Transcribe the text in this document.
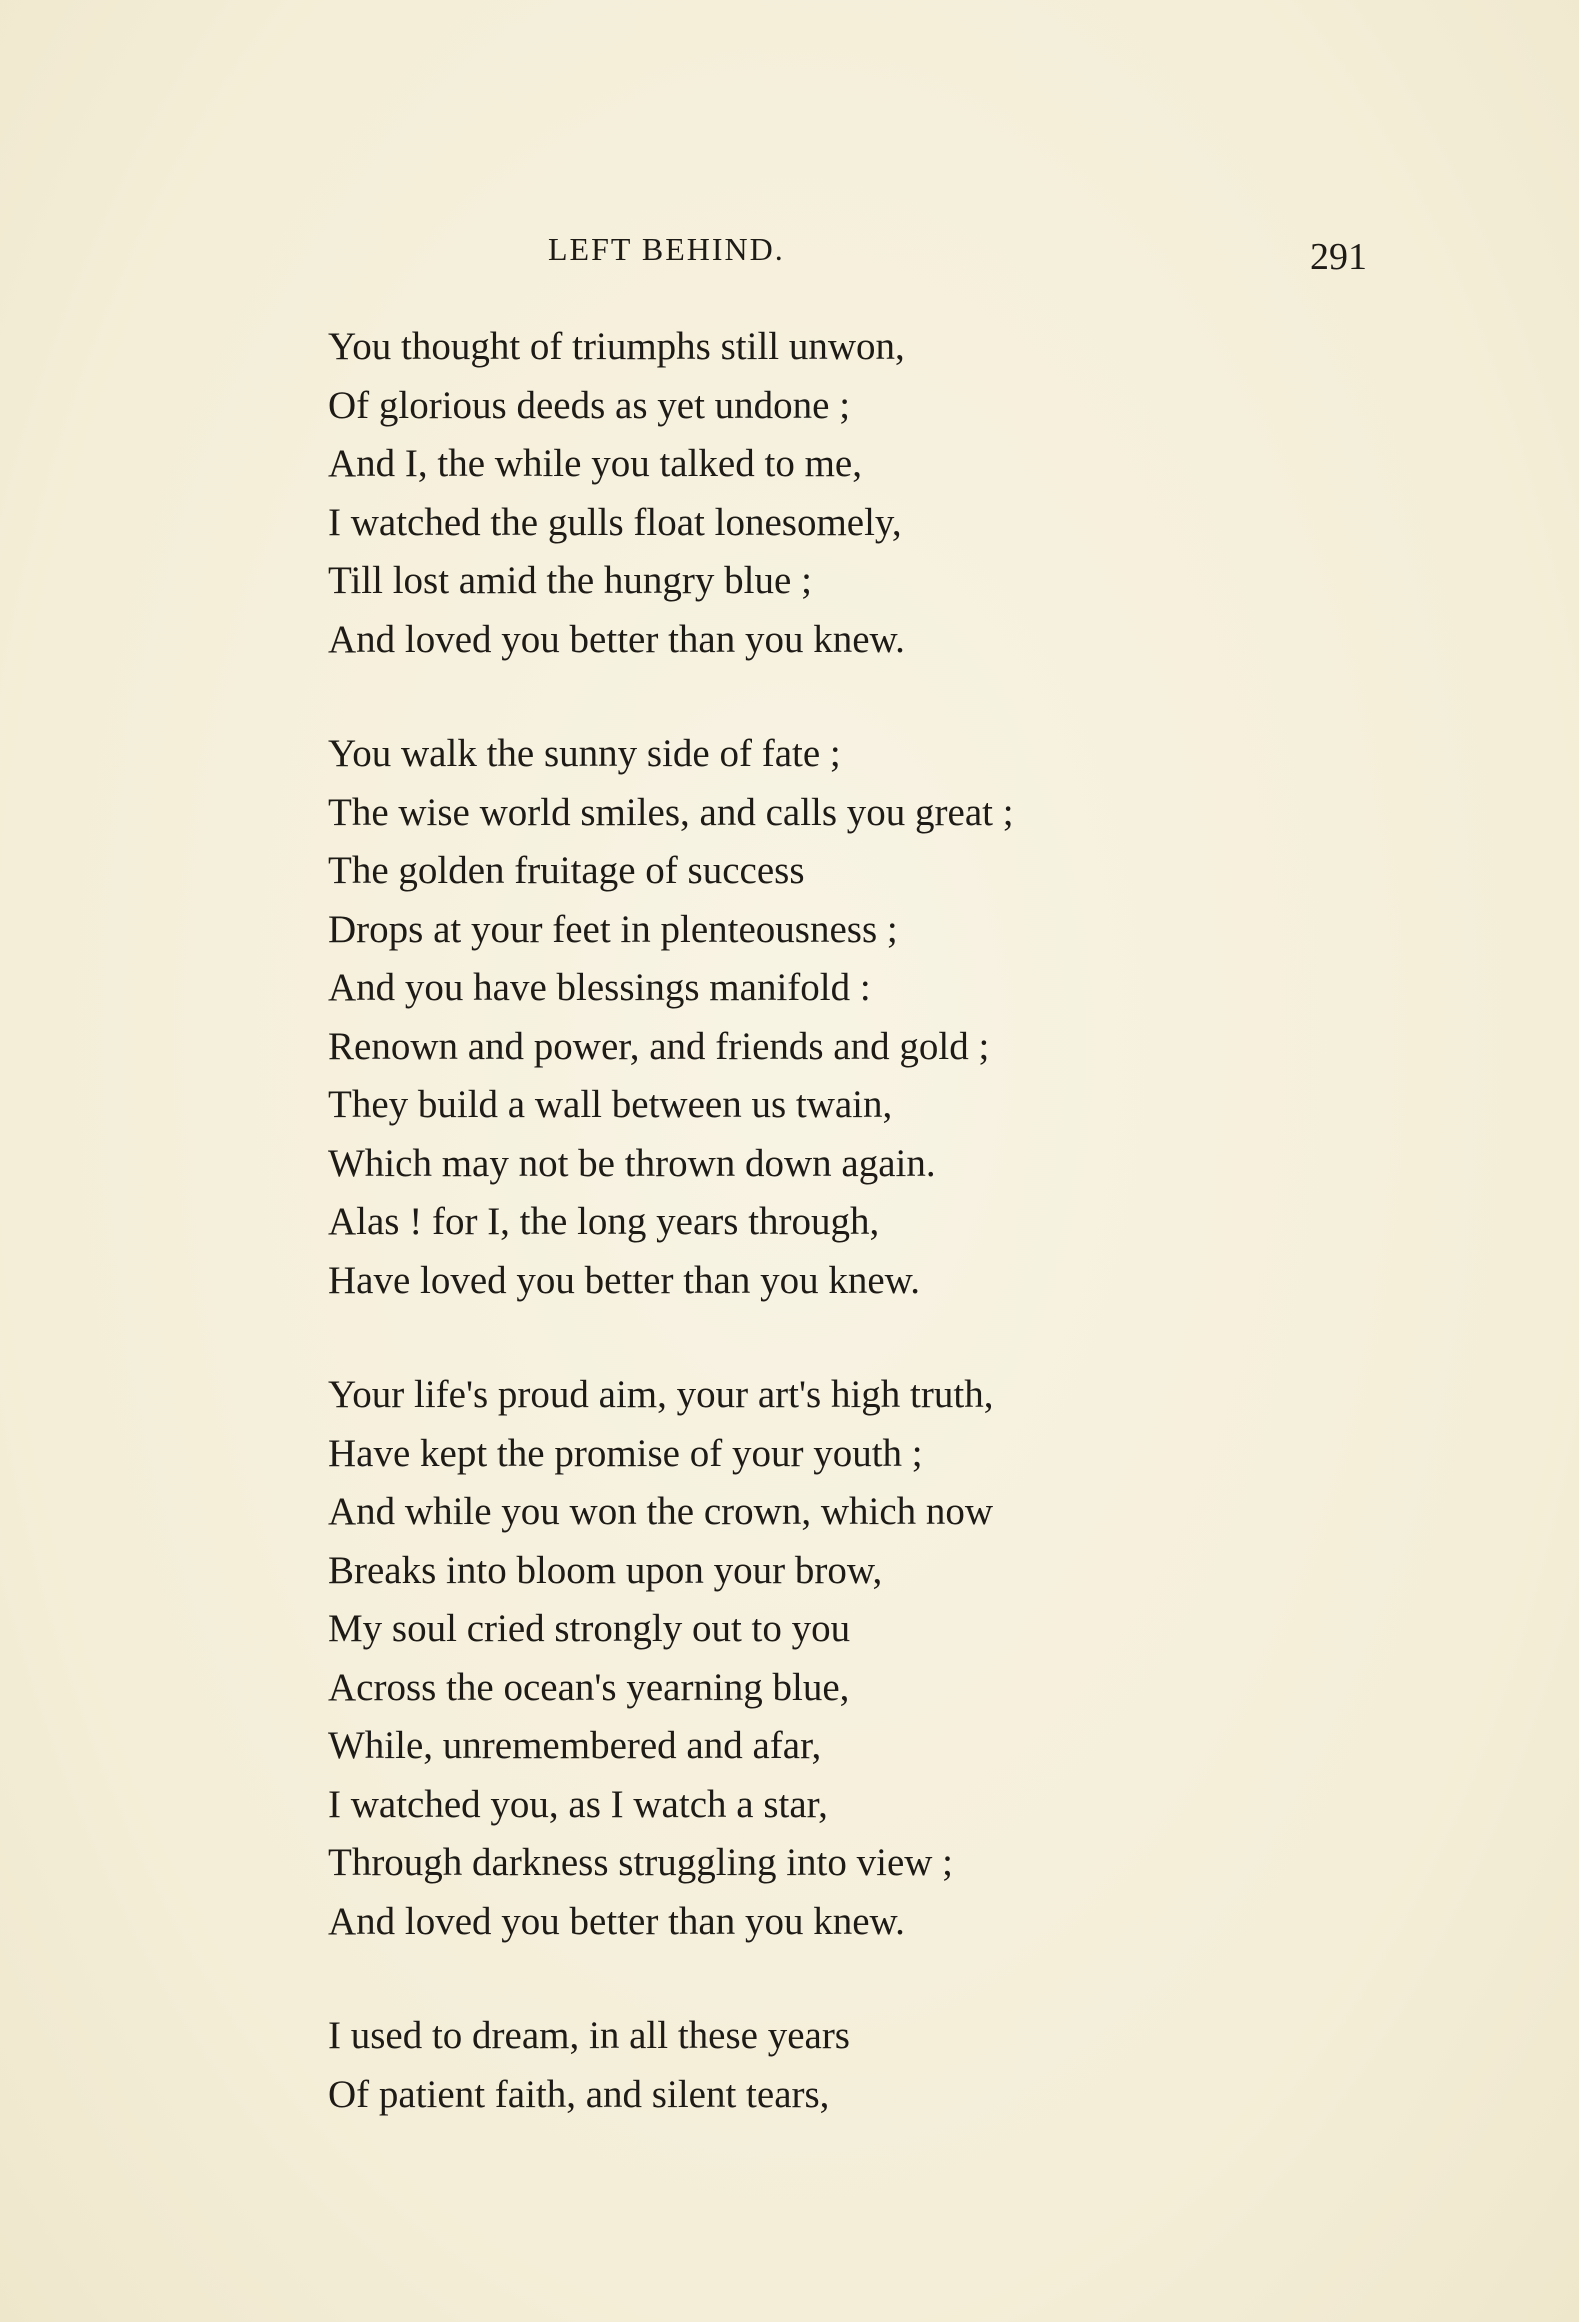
LEFT BEHIND.	291
You thought of triumphs still unwon,
Of glorious deeds as yet undone ;
And I, the while you talked to me,
I watched the gulls float lonesomely,
Till lost amid the hungry blue ;
And loved you better than you knew.
You walk the sunny side of fate ;
The wise world smiles, and calls you great ;
The golden fruitage of success
Drops at your feet in plenteousness ;
And you have blessings manifold :
Renown and power, and friends and gold ;
They build a wall between us twain,
Which may not be thrown down again.
Alas ! for I, the long years through,
Have loved you better than you knew.
Your life's proud aim, your art's high truth,
Have kept the promise of your youth ;
And while you won the crown, which now
Breaks into bloom upon your brow,
My soul cried strongly out to you
Across the ocean's yearning blue,
While, unremembered and afar,
I watched you, as I watch a star,
Through darkness struggling into view ;
And loved you better than you knew.
I used to dream, in all these years
Of patient faith, and silent tears,
